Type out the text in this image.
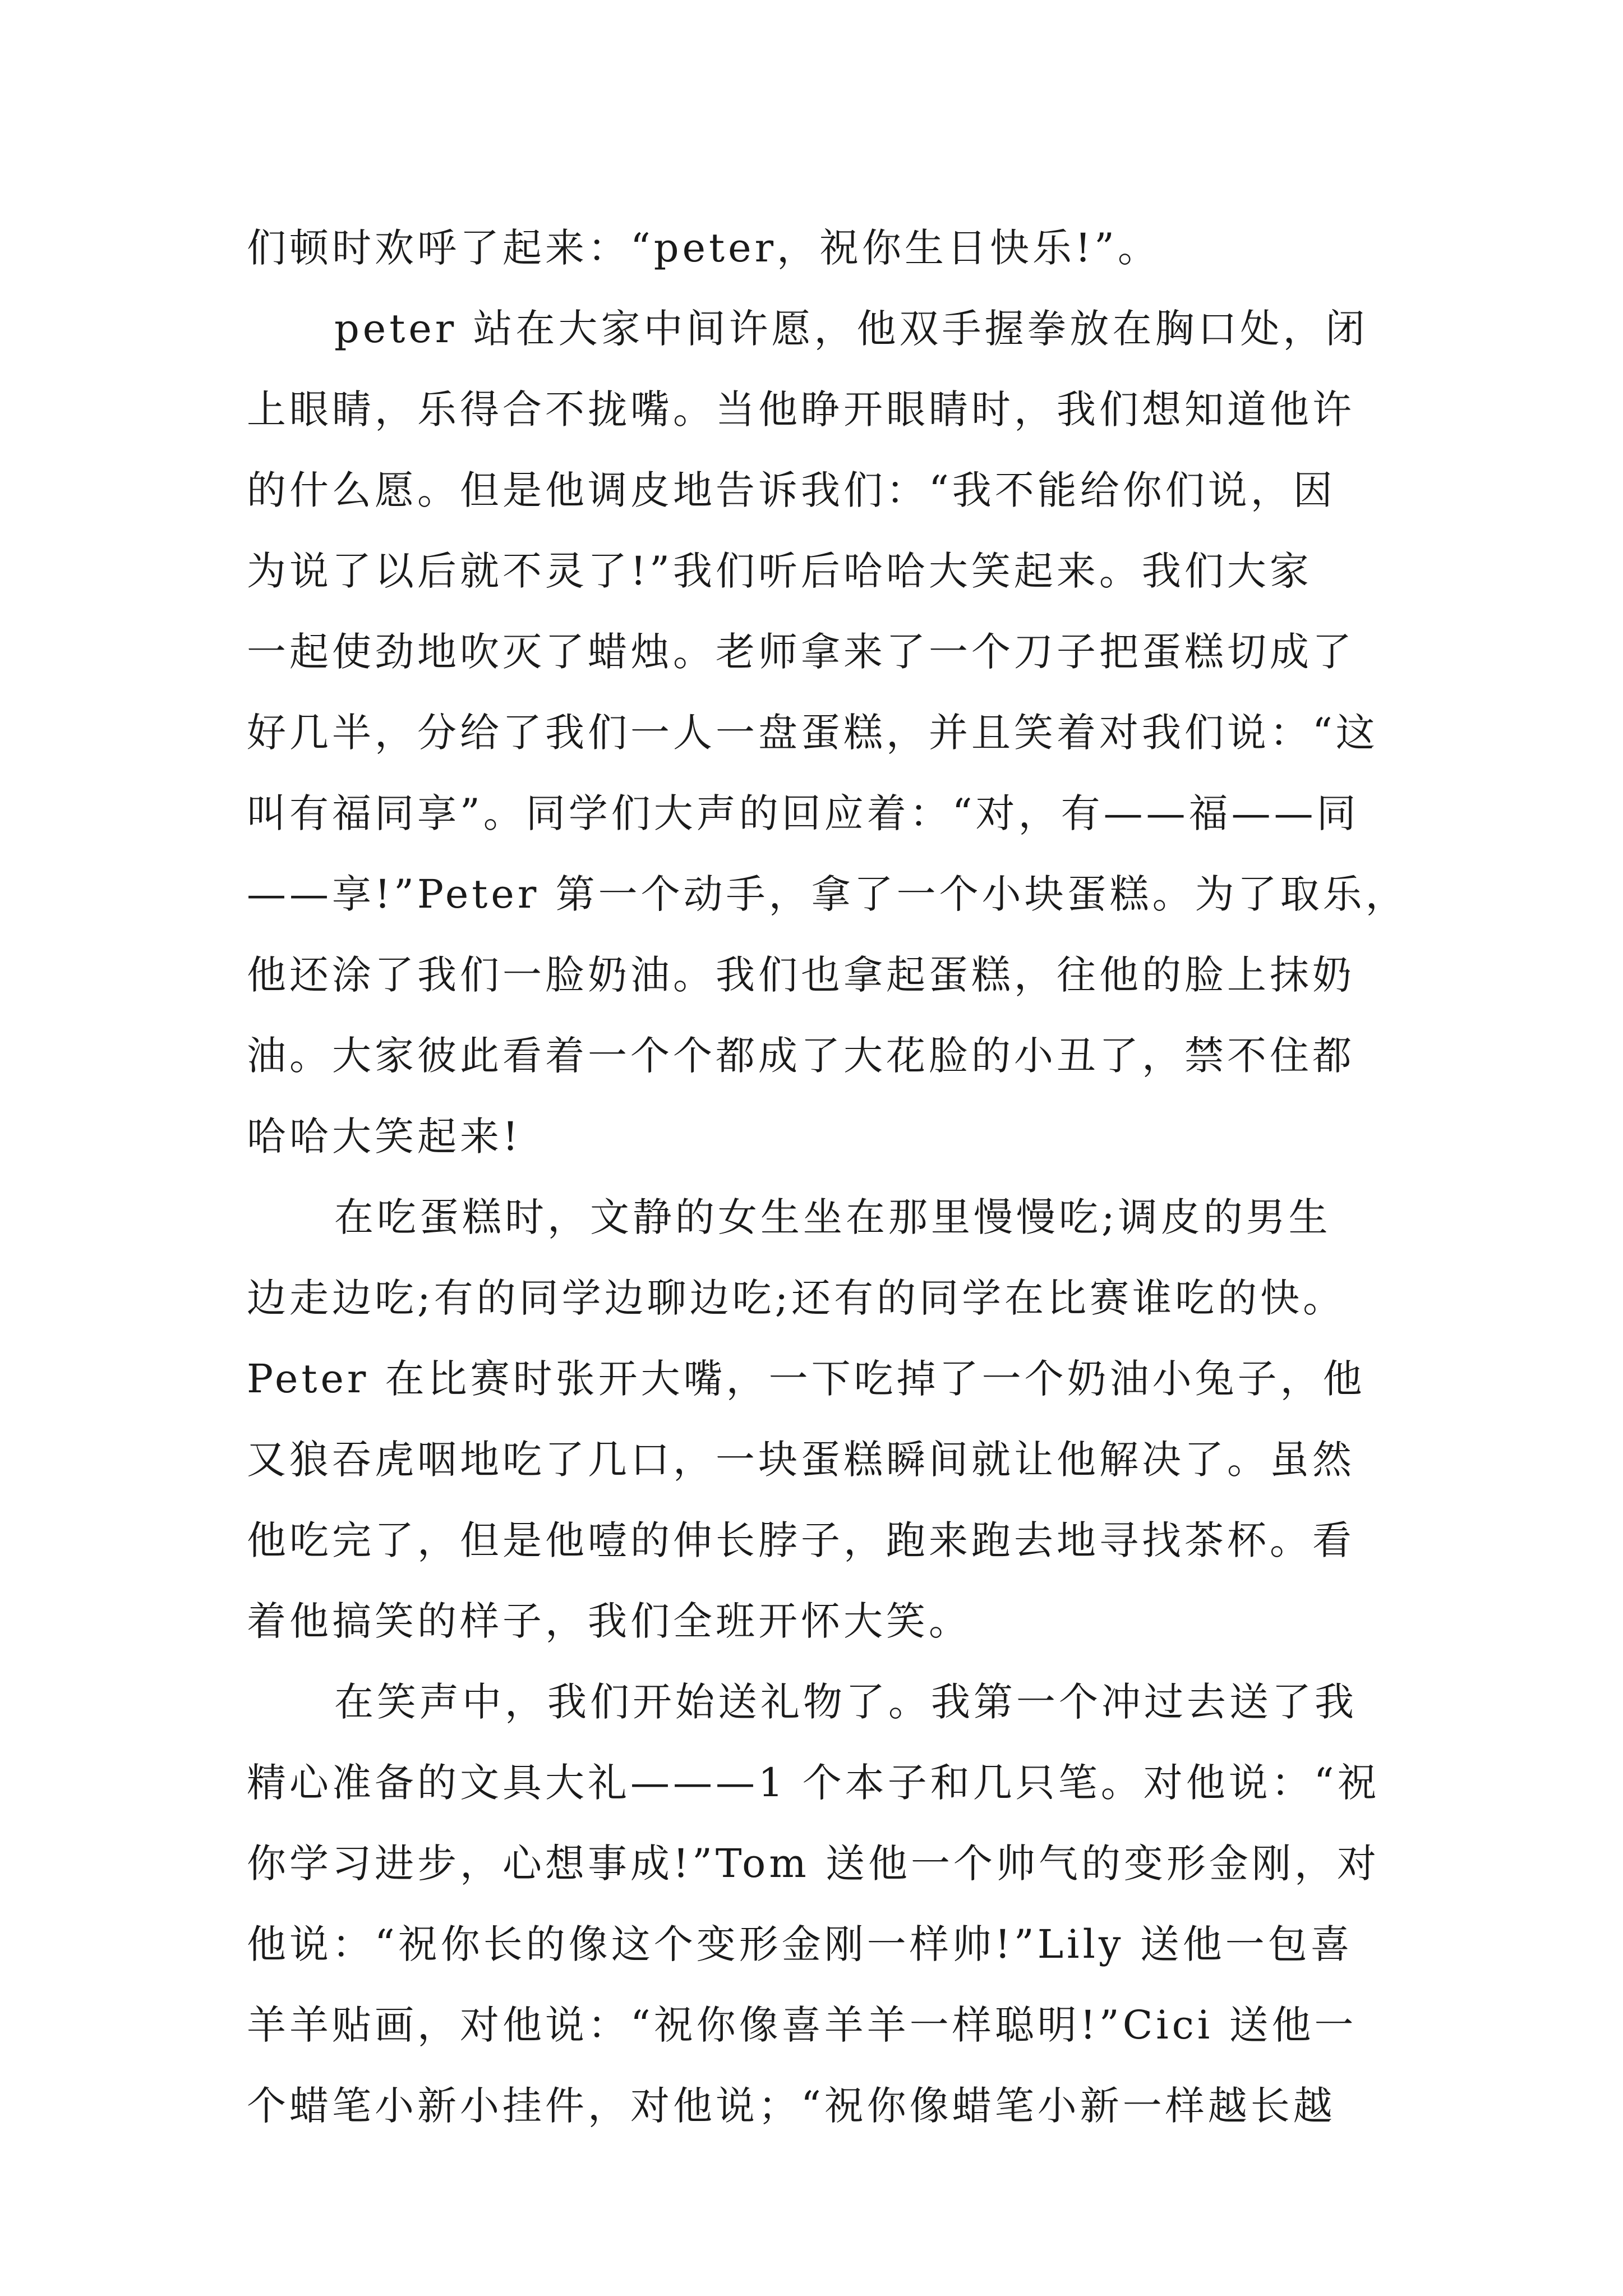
们顿时欢呼了起来：“peter，祝你生日快乐!”。
peter 站在大家中间许愿，他双手握拳放在胸口处，闭
上眼睛，乐得合不拢嘴。当他睁开眼睛时，我们想知道他许
的什么愿。但是他调皮地告诉我们：“我不能给你们说，因
为说了以后就不灵了!”我们听后哈哈大笑起来。我们大家
一起使劲地吹灭了蜡烛。老师拿来了一个刀子把蛋糕切成了
好几半，分给了我们一人一盘蛋糕，并且笑着对我们说：“这
叫有福同享”。同学们大声的回应着：“对，有——福——同
——享!”Peter 第一个动手，拿了一个小块蛋糕。为了取乐，
他还涂了我们一脸奶油。我们也拿起蛋糕，往他的脸上抹奶
油。大家彼此看着一个个都成了大花脸的小丑了，禁不住都
哈哈大笑起来!
在吃蛋糕时，文静的女生坐在那里慢慢吃;调皮的男生
边走边吃;有的同学边聊边吃;还有的同学在比赛谁吃的快。
Peter 在比赛时张开大嘴，一下吃掉了一个奶油小兔子，他
又狼吞虎咽地吃了几口，一块蛋糕瞬间就让他解决了。虽然
他吃完了，但是他噎的伸长脖子，跑来跑去地寻找茶杯。看
着他搞笑的样子，我们全班开怀大笑。
在笑声中，我们开始送礼物了。我第一个冲过去送了我
精心准备的文具大礼———1 个本子和几只笔。对他说：“祝
你学习进步，心想事成!”Tom 送他一个帅气的变形金刚，对
他说：“祝你长的像这个变形金刚一样帅!”Lily 送他一包喜
羊羊贴画，对他说：“祝你像喜羊羊一样聪明!”Cici 送他一
个蜡笔小新小挂件，对他说；“祝你像蜡笔小新一样越长越
